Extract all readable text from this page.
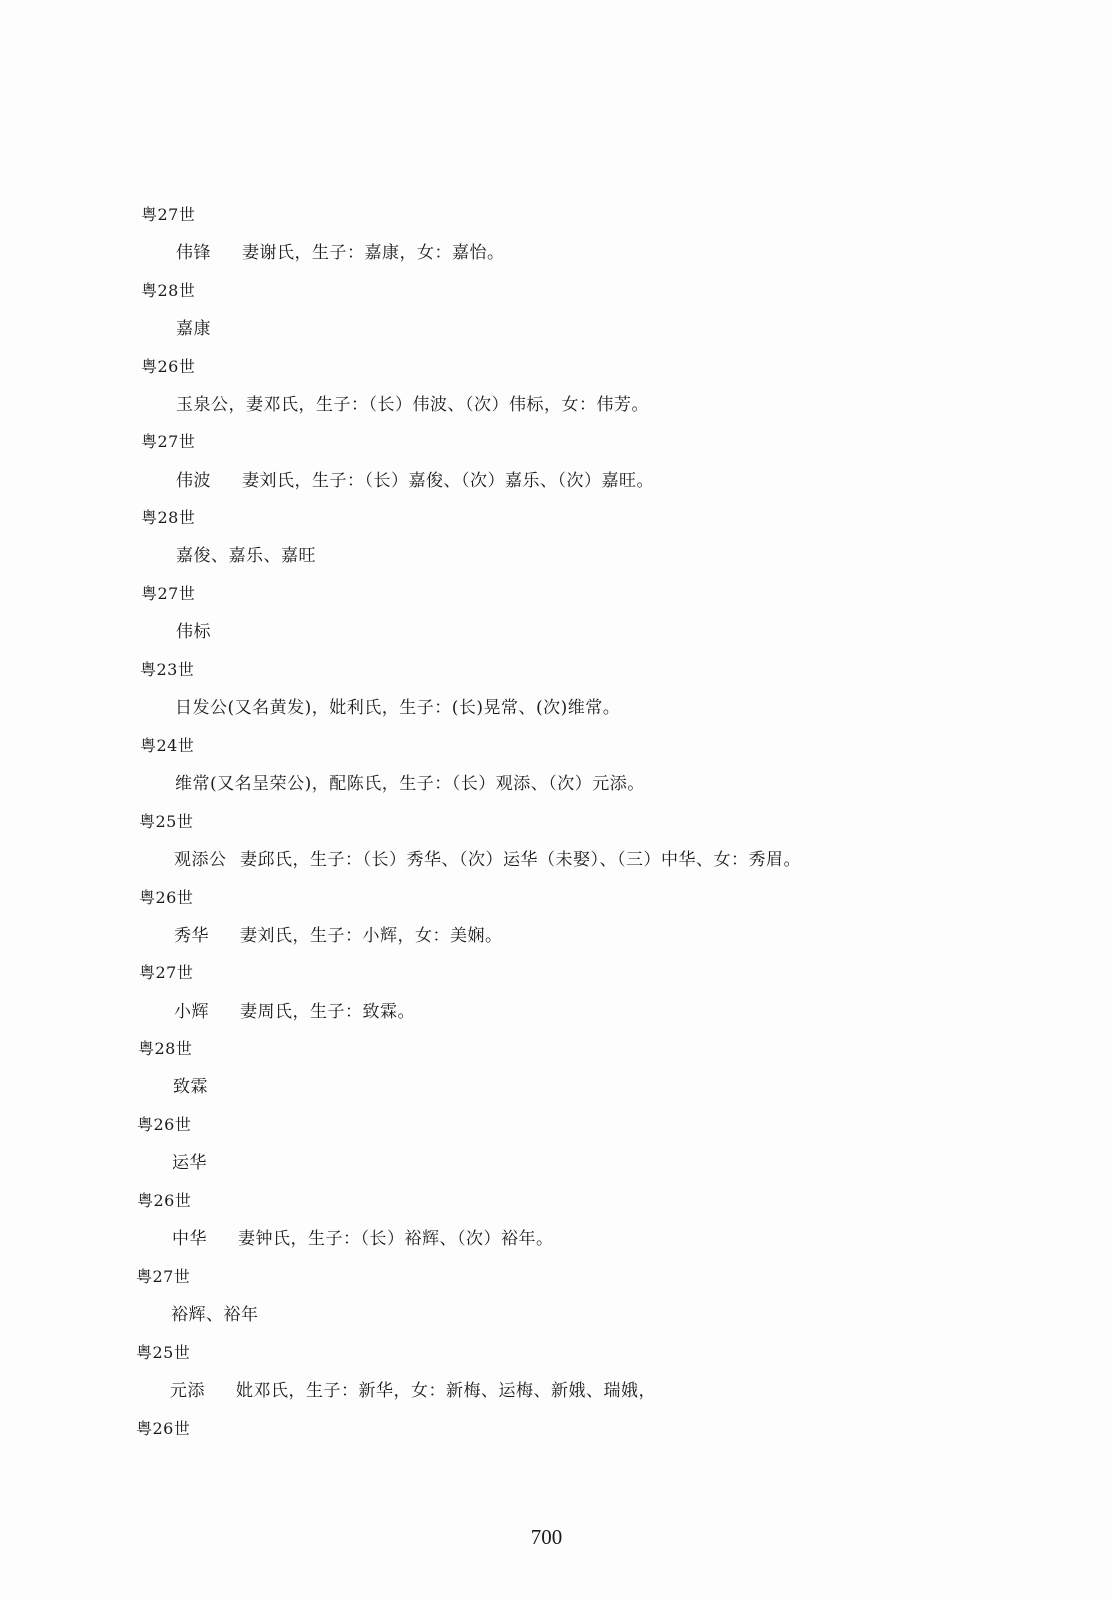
粤27世
伟锋 妻谢氏，生子：嘉康，女：嘉怡。
粤28世
嘉康
粤26世
玉泉公，妻邓氏，生子：（长）伟波、（次）伟标，女：伟芳。
粤27世
伟波 妻刘氏，生子：（长）嘉俊、（次）嘉乐、（次）嘉旺。
粤28世
嘉俊、嘉乐、嘉旺
粤27世
伟标
粤23世
日发公(又名黄发)，妣利氏，生子：(长)晃常、(次)维常。
粤24世
维常(又名呈荣公)，配陈氏，生子：（长）观添、（次）元添。
粤25世
观添公 妻邱氏，生子：（长）秀华、（次）运华（未娶）、（三）中华、女：秀眉。
粤26世
秀华 妻刘氏，生子：小辉，女：美娴。
粤27世
小辉 妻周氏，生子：致霖。
粤28世
致霖
粤26世
运华
粤26世
中华 妻钟氏，生子：（长）裕辉、（次）裕年。
粤27世
裕辉、裕年
粤25世
元添 妣邓氏，生子：新华，女：新梅、运梅、新娥、瑞娥，
粤26世
700
